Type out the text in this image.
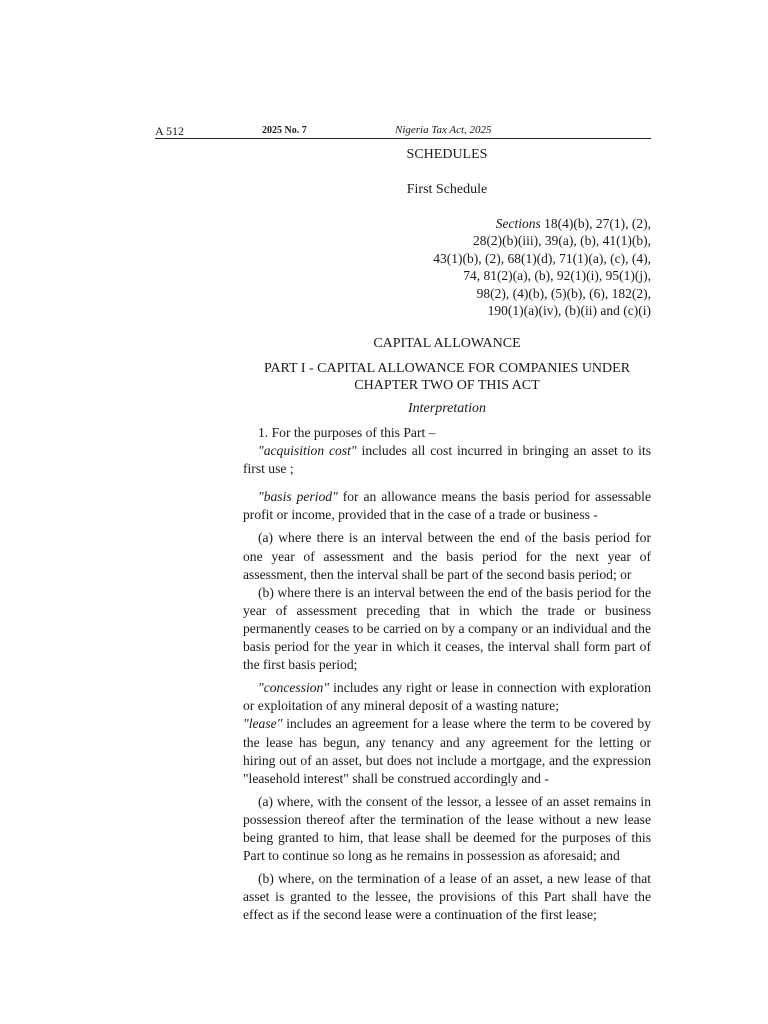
A 512	2025 No. 7	Nigeria Tax Act, 2025
SCHEDULES
First Schedule
Sections 18(4)(b), 27(1), (2),
28(2)(b)(iii), 39(a), (b), 41(1)(b),
43(1)(b), (2), 68(1)(d), 71(1)(a), (c), (4),
74, 81(2)(a), (b), 92(1)(i), 95(1)(j),
98(2), (4)(b), (5)(b), (6), 182(2),
190(1)(a)(iv), (b)(ii) and (c)(i)
CAPITAL ALLOWANCE
PART I - CAPITAL ALLOWANCE FOR COMPANIES UNDER
CHAPTER TWO OF THIS ACT
Interpretation

1. For the purposes of this Part –

"acquisition cost" includes all cost incurred in bringing an asset to its first use ;

"basis period" for an allowance means the basis period for assessable profit or income, provided that in the case of a trade or business -

(a) where there is an interval between the end of the basis period for one year of assessment and the basis period for the next year of assessment, then the interval shall be part of the second basis period; or

(b) where there is an interval between the end of the basis period for the year of assessment preceding that in which the trade or business permanently ceases to be carried on by a company or an individual and the basis period for the year in which it ceases, the interval shall form part of the first basis period;

"concession" includes any right or lease in connection with exploration or exploitation of any mineral deposit of a wasting nature;

"lease" includes an agreement for a lease where the term to be covered by the lease has begun, any tenancy and any agreement for the letting or hiring out of an asset, but does not include a mortgage, and the expression "leasehold interest" shall be construed accordingly and -

(a) where, with the consent of the lessor, a lessee of an asset remains in possession thereof after the termination of the lease without a new lease being granted to him, that lease shall be deemed for the purposes of this Part to continue so long as he remains in possession as aforesaid; and

(b) where, on the termination of a lease of an asset, a new lease of that asset is granted to the lessee, the provisions of this Part shall have the effect as if the second lease were a continuation of the first lease;
